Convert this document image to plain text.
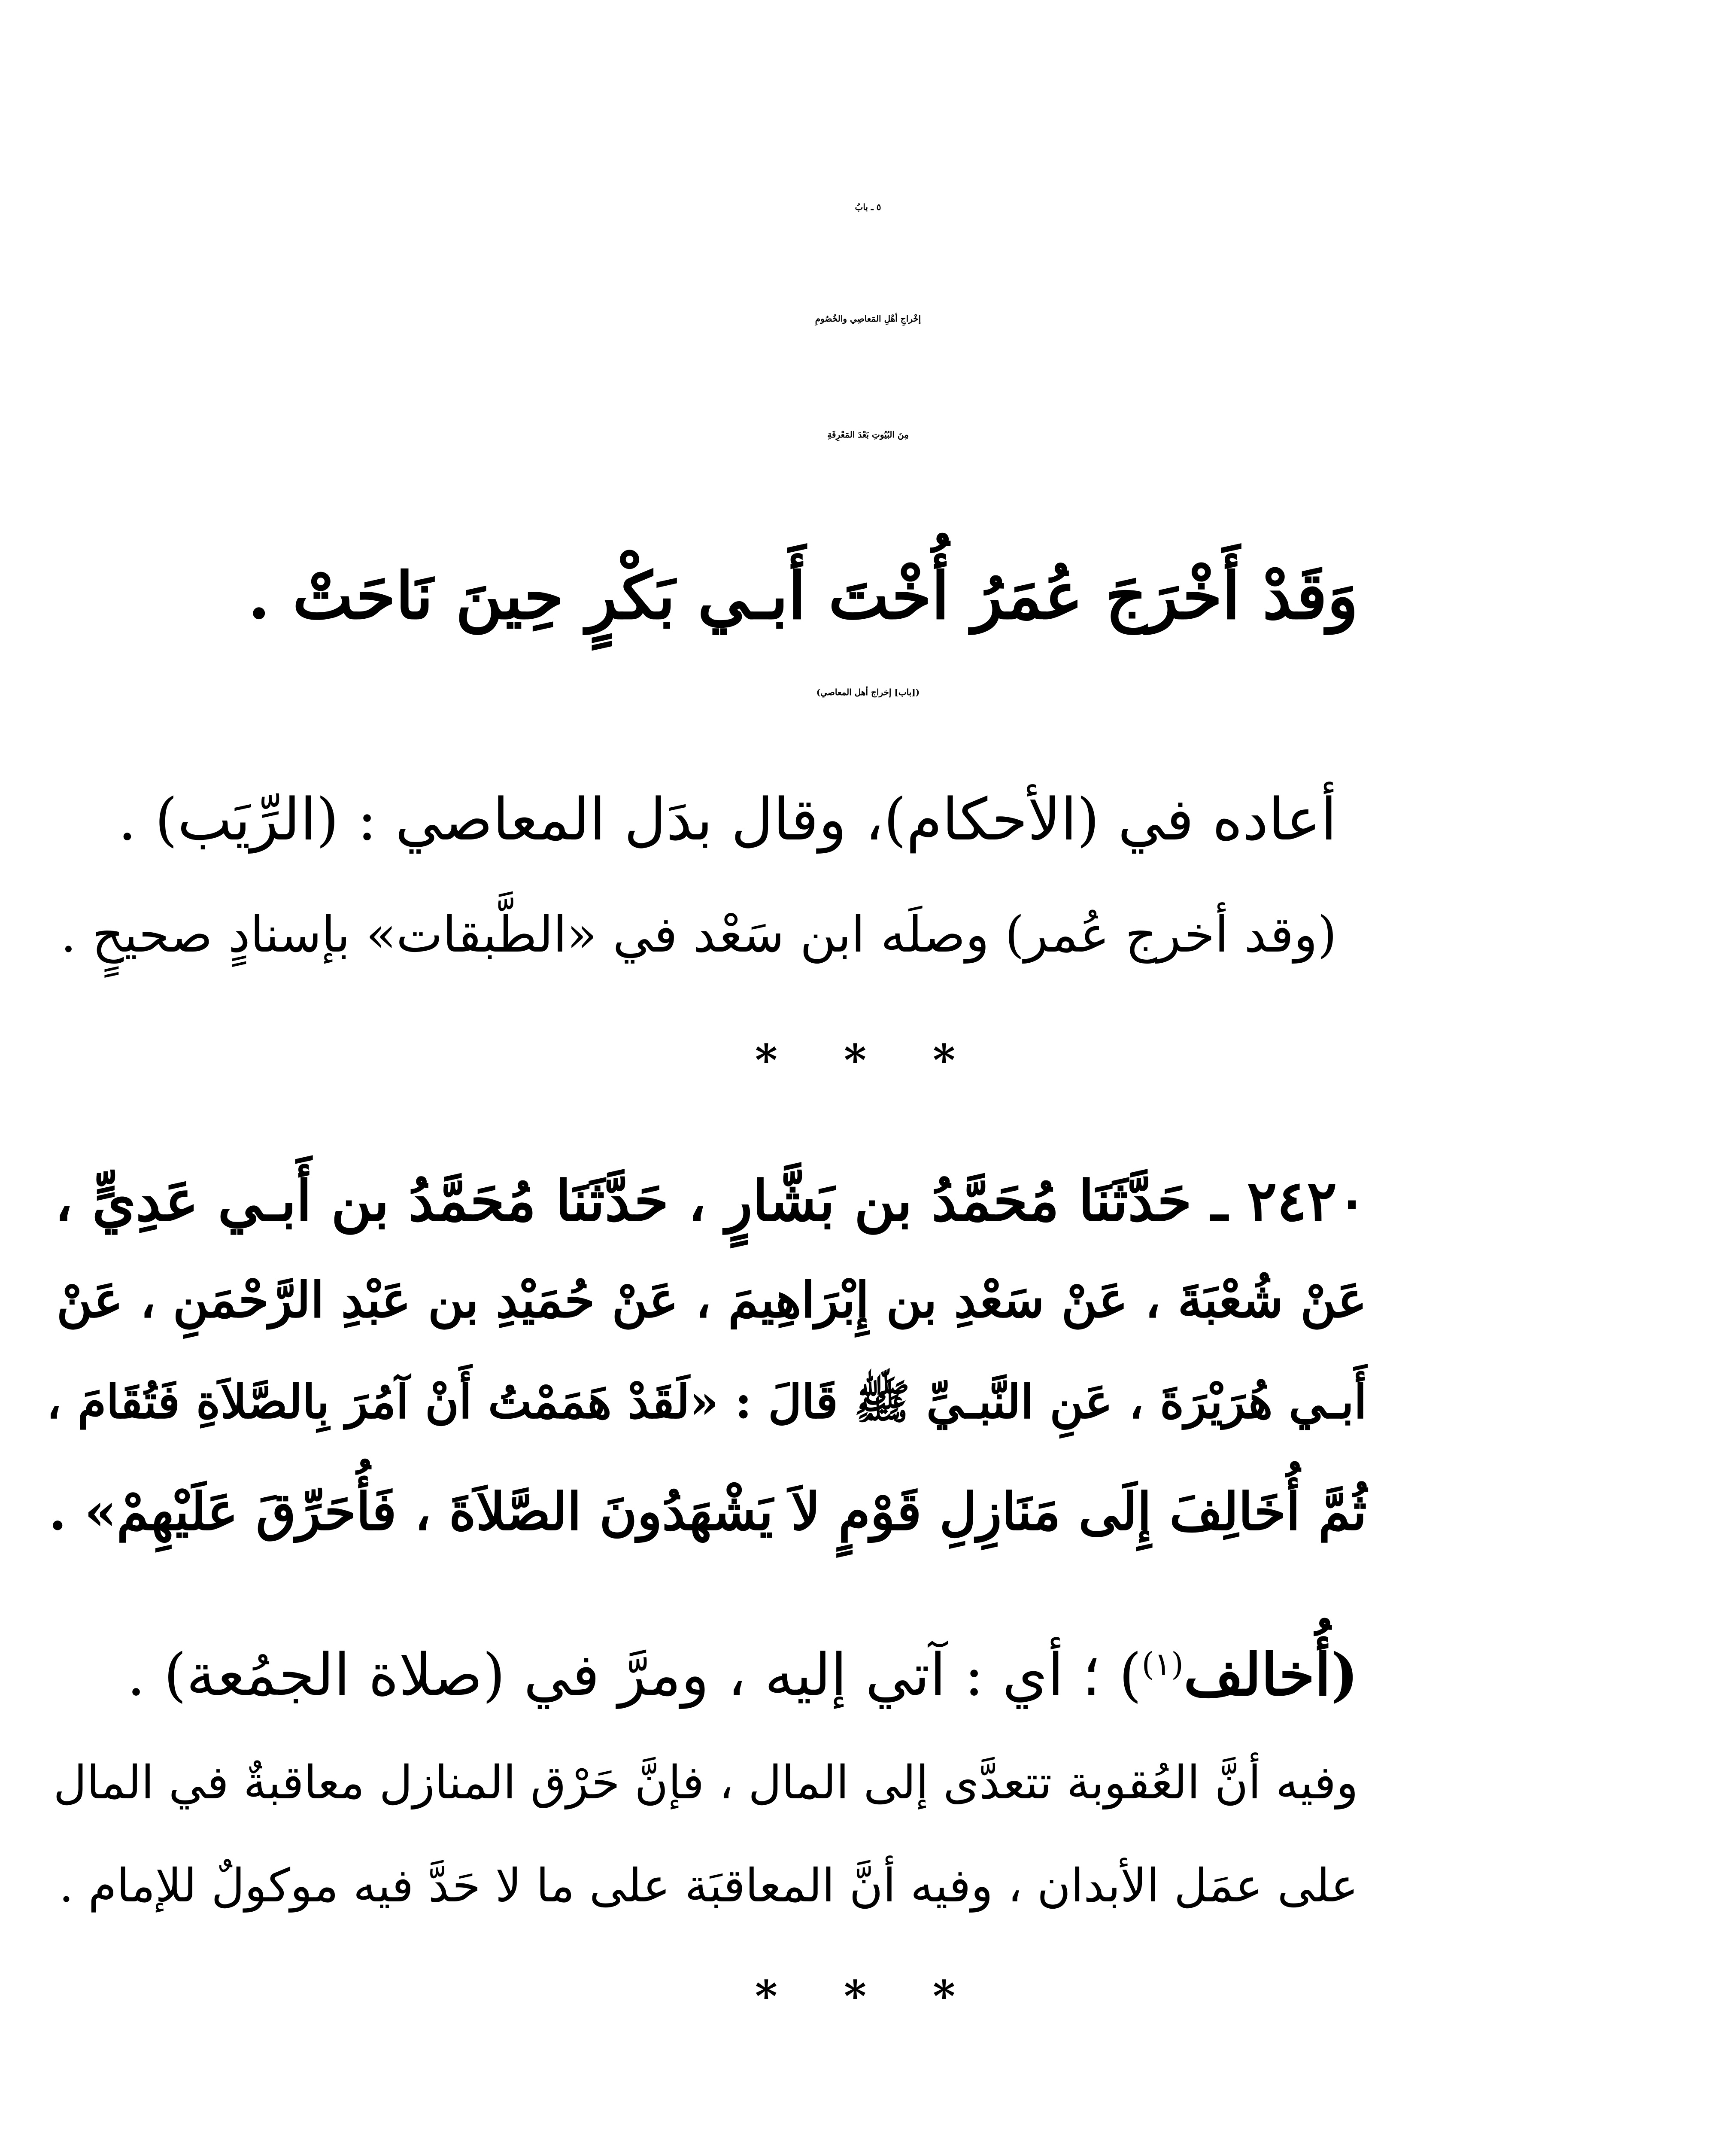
٥ ـ بابُ
إخْراجِ أهْلِ المَعاصِي والخُصُومِ
مِنَ البُيُوتِ بَعْدَ المَعْرِفَةِ
وَقَدْ أَخْرَجَ عُمَرُ أُخْتَ أَبـي بَكْرٍ حِينَ نَاحَتْ .
([باب] إخراج أهل المعاصي)
أعاده في (الأحكام)، وقال بدَل المعاصي : (الرِّيَب) .
(وقد أخرج عُمر) وصلَه ابن سَعْد في «الطَّبقات» بإسنادٍ صحيحٍ .
* * *
٢٤٢٠ ـ حَدَّثَنَا مُحَمَّدُ بن بَشَّارٍ ، حَدَّثَنَا مُحَمَّدُ بن أَبـي عَدِيٍّ ،
عَنْ شُعْبَةَ ، عَنْ سَعْدِ بن إِبْرَاهِيمَ ، عَنْ حُمَيْدِ بن عَبْدِ الرَّحْمَنِ ، عَنْ
أَبـي هُرَيْرَةَ ، عَنِ النَّبـيِّ ﷺ قَالَ : «لَقَدْ هَمَمْتُ أَنْ آمُرَ بِالصَّلاَةِ فَتُقَامَ ،
ثُمَّ أُخَالِفَ إِلَى مَنَازِلِ قَوْمٍ لاَ يَشْهَدُونَ الصَّلاَةَ ، فَأُحَرِّقَ عَلَيْهِمْ» .
(أُخالف$^{(١)}$) ؛ أي : آتي إليه ، ومرَّ في (صلاة الجمُعة) .
وفيه أنَّ العُقوبة تتعدَّى إلى المال ، فإنَّ حَرْق المنازل معاقبةٌ في المال
على عمَل الأبدان ، وفيه أنَّ المعاقبَة على ما لا حَدَّ فيه موكولٌ للإمام .
* * *
